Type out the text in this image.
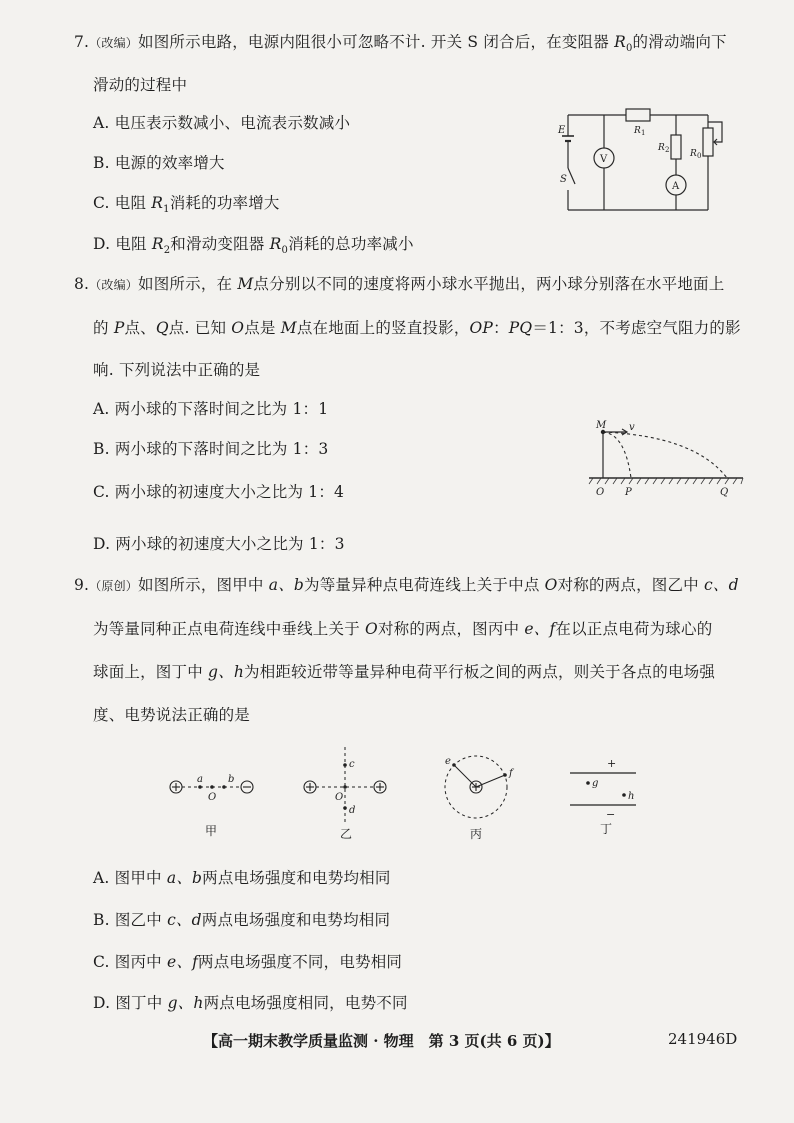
7.（改编）如图所示电路，电源内阻很小可忽略不计. 开关 S 闭合后，在变阻器 $R_0$的滑动端向下
滑动的过程中
A. 电压表示数减小、电流表示数减小
B. 电源的效率增大
C. 电阻 $R_1$消耗的功率增大
D. 电阻 $R_2$和滑动变阻器 $R_0$消耗的总功率减小
E
S
V
A
R 1
R 2 R 0
8.（改编）如图所示，在 M点分别以不同的速度将两小球水平抛出，两小球分别落在水平地面上
的 P点、Q点. 已知 O点是 M点在地面上的竖直投影，OP：PQ＝1：3，不考虑空气阻力的影
响. 下列说法中正确的是
A. 两小球的下落时间之比为 1：1
B. 两小球的下落时间之比为 1：3
C. 两小球的初速度大小之比为 1：4
D. 两小球的初速度大小之比为 1：3
M v
O P	Q
9.（原创）如图所示，图甲中 a、b为等量异种点电荷连线上关于中点 O对称的两点，图乙中 c、d
为等量同种正点电荷连线中垂线上关于 O对称的两点，图丙中 e、f在以正点电荷为球心的
球面上，图丁中 g、h为相距较近带等量异种电荷平行板之间的两点，则关于各点的电场强
度、电势说法正确的是
a
O
b
甲
c
O
d
乙
e
f
丙
+
−
g
h
丁
A. 图甲中 a、b两点电场强度和电势均相同
B. 图乙中 c、d两点电场强度和电势均相同
C. 图丙中 e、f两点电场强度不同，电势相同
D. 图丁中 g、h两点电场强度相同，电势不同
【高一期末教学质量监测 · 物理　第 3 页(共 6 页)】	241946D
